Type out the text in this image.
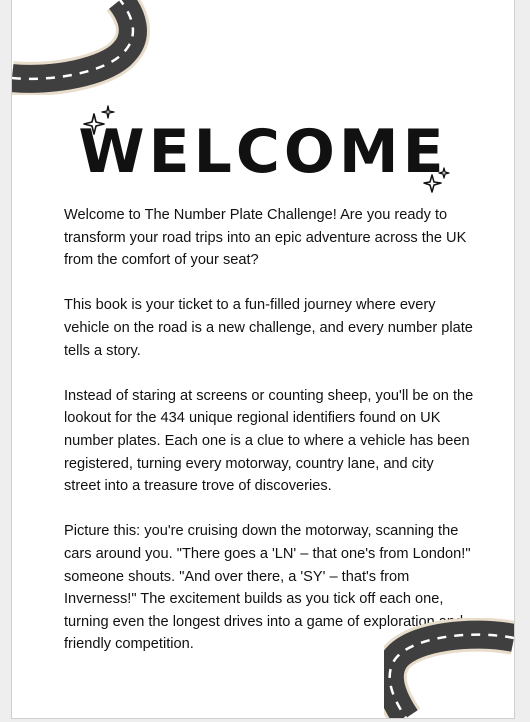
WELCOME

Welcome to The Number Plate Challenge! Are you ready to transform your road trips into an epic adventure across the UK from the comfort of your seat?

This book is your ticket to a fun-filled journey where every vehicle on the road is a new challenge, and every number plate tells a story.

Instead of staring at screens or counting sheep, you'll be on the lookout for the 434 unique regional identifiers found on UK number plates. Each one is a clue to where a vehicle has been registered, turning every motorway, country lane, and city street into a treasure trove of discoveries.

Picture this: you're cruising down the motorway, scanning the cars around you. "There goes a 'LN' – that one's from London!" someone shouts. "And over there, a 'SY' – that's from Inverness!" The excitement builds as you tick off each one, turning even the longest drives into a game of exploration and friendly competition.
